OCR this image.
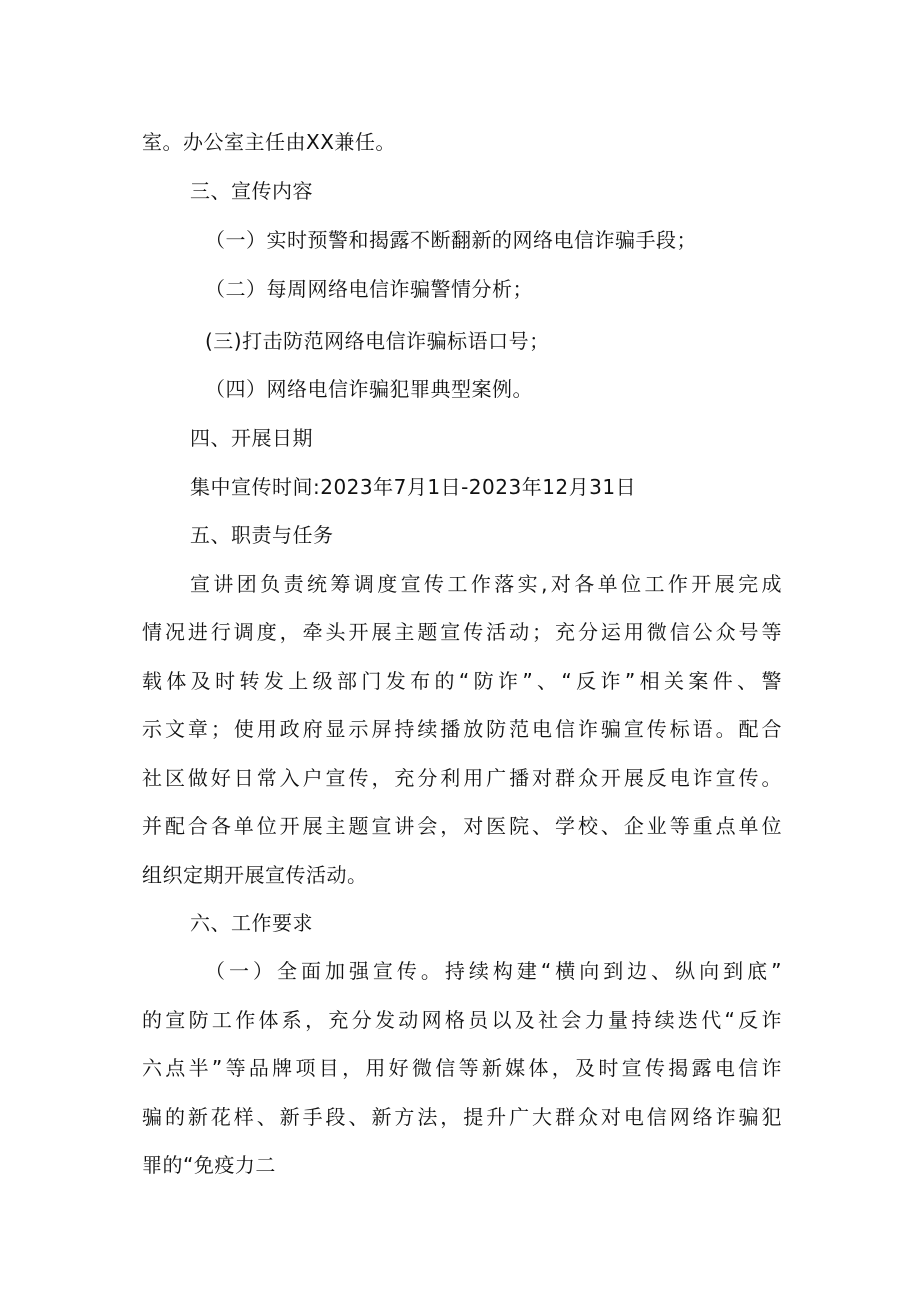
室。办公室主任由XX兼任。
三、宣传内容
（一）实时预警和揭露不断翻新的网络电信诈骗手段；
（二）每周网络电信诈骗警情分析；
(三)打击防范网络电信诈骗标语口号；
（四）网络电信诈骗犯罪典型案例。
四、开展日期
集中宣传时间:2023年7月1日-2023年12月31日
五、职责与任务
宣讲团负责统筹调度宣传工作落实,对各单位工作开展完成
情况进行调度，牵头开展主题宣传活动；充分运用微信公众号等
载体及时转发上级部门发布的“防诈”、“反诈”相关案件、警
示文章；使用政府显示屏持续播放防范电信诈骗宣传标语。配合
社区做好日常入户宣传，充分利用广播对群众开展反电诈宣传。
并配合各单位开展主题宣讲会，对医院、学校、企业等重点单位
组织定期开展宣传活动。
六、工作要求
（一）全面加强宣传。持续构建“横向到边、纵向到底”
的宣防工作体系，充分发动网格员以及社会力量持续迭代“反诈
六点半”等品牌项目，用好微信等新媒体，及时宣传揭露电信诈
骗的新花样、新手段、新方法，提升广大群众对电信网络诈骗犯
罪的“免疫力二
